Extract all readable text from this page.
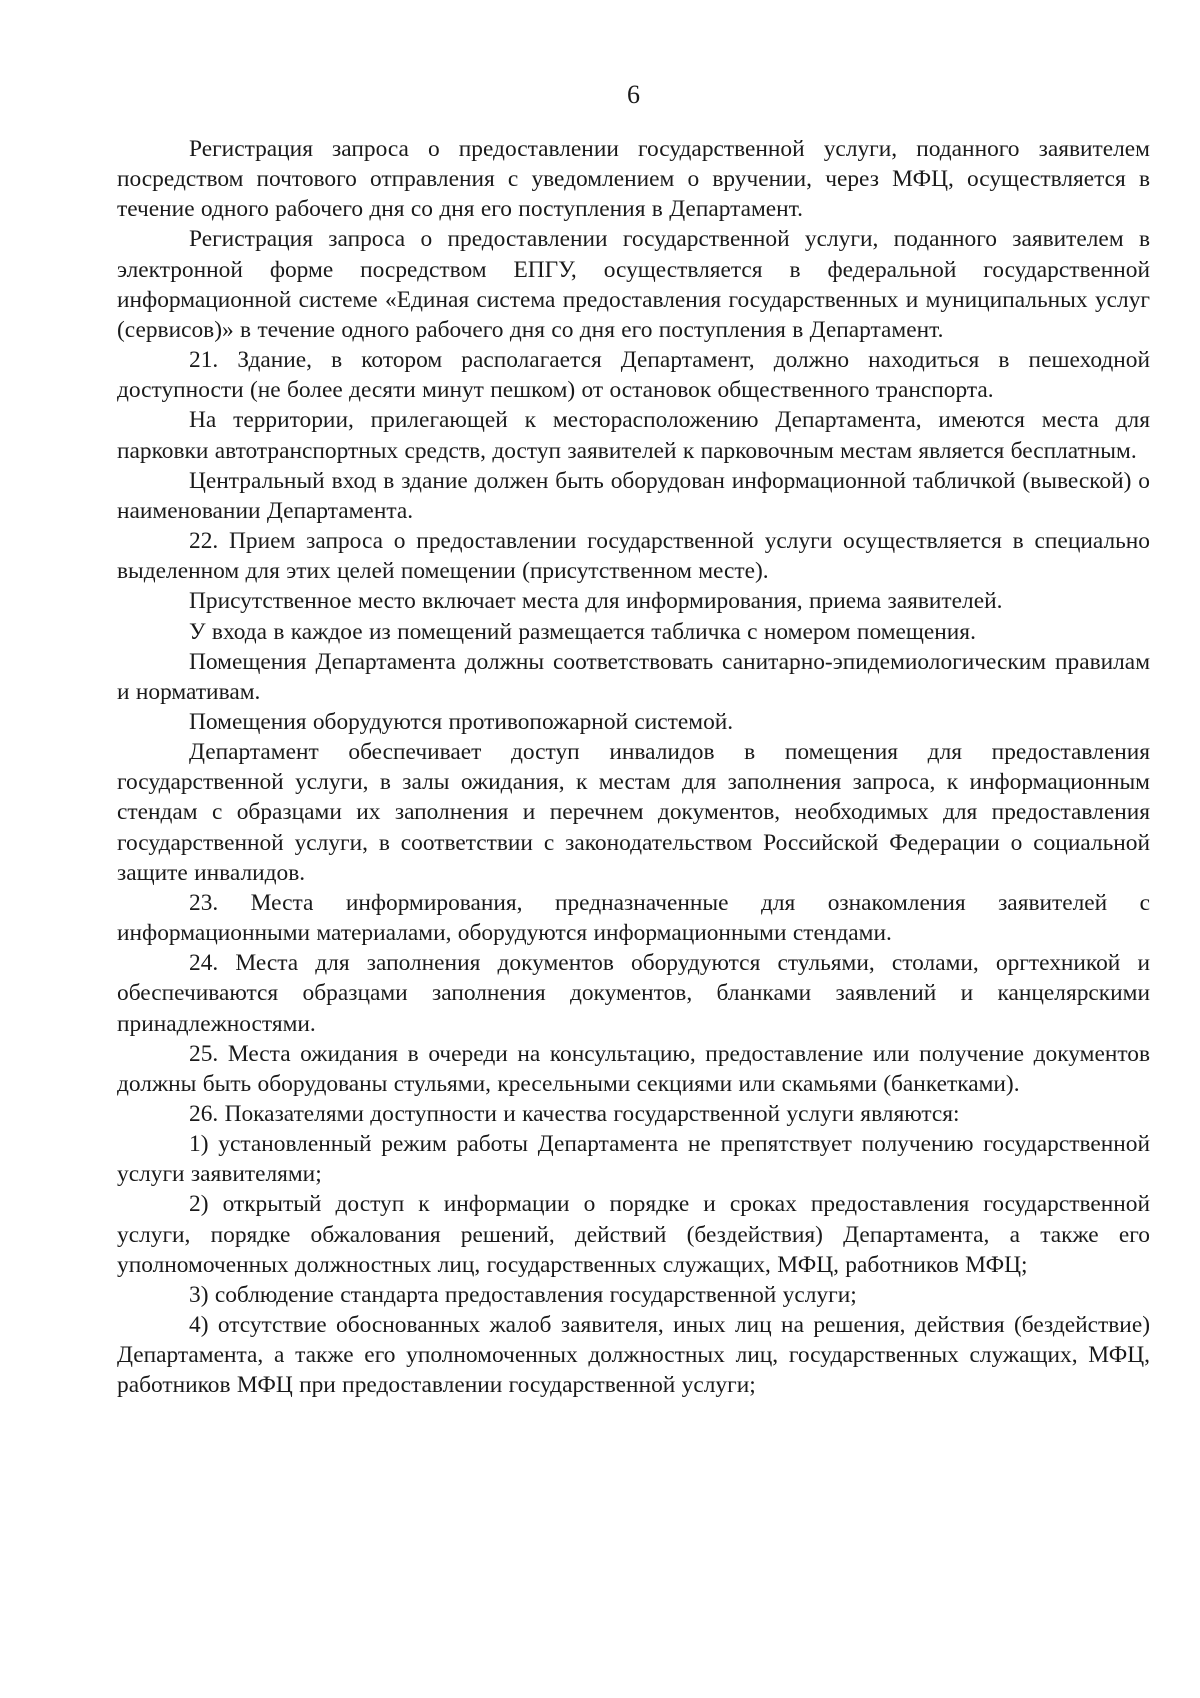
6

Регистрация запроса о предоставлении государственной услуги, поданного заявителем посредством почтового отправления с уведомлением о вручении, через МФЦ, осуществляется в течение одного рабочего дня со дня его поступления в Департамент.

Регистрация запроса о предоставлении государственной услуги, поданного заявителем в электронной форме посредством ЕПГУ, осуществляется в федеральной государственной информационной системе «Единая система предоставления государственных и муниципальных услуг (сервисов)» в течение одного рабочего дня со дня его поступления в Департамент.

21. Здание, в котором располагается Департамент, должно находиться в пешеходной доступности (не более десяти минут пешком) от остановок общественного транспорта.

На территории, прилегающей к месторасположению Департамента, имеются места для парковки автотранспортных средств, доступ заявителей к парковочным местам является бесплатным.

Центральный вход в здание должен быть оборудован информационной табличкой (вывеской) о наименовании Департамента.

22. Прием запроса о предоставлении государственной услуги осуществляется в специально выделенном для этих целей помещении (присутственном месте).

Присутственное место включает места для информирования, приема заявителей.

У входа в каждое из помещений размещается табличка с номером помещения.

Помещения Департамента должны соответствовать санитарно-эпидемиологическим правилам и нормативам.

Помещения оборудуются противопожарной системой.

Департамент обеспечивает доступ инвалидов в помещения для предоставления государственной услуги, в залы ожидания, к местам для заполнения запроса, к информационным стендам с образцами их заполнения и перечнем документов, необходимых для предоставления государственной услуги, в соответствии с законодательством Российской Федерации о социальной защите инвалидов.

23. Места информирования, предназначенные для ознакомления заявителей с информационными материалами, оборудуются информационными стендами.

24. Места для заполнения документов оборудуются стульями, столами, оргтехникой и обеспечиваются образцами заполнения документов, бланками заявлений и канцелярскими принадлежностями.

25. Места ожидания в очереди на консультацию, предоставление или получение документов должны быть оборудованы стульями, кресельными секциями или скамьями (банкетками).

26. Показателями доступности и качества государственной услуги являются:

1) установленный режим работы Департамента не препятствует получению государственной услуги заявителями;

2) открытый доступ к информации о порядке и сроках предоставления государственной услуги, порядке обжалования решений, действий (бездействия) Департамента, а также его уполномоченных должностных лиц, государственных служащих, МФЦ, работников МФЦ;

3) соблюдение стандарта предоставления государственной услуги;

4) отсутствие обоснованных жалоб заявителя, иных лиц на решения, действия (бездействие) Департамента, а также его уполномоченных должностных лиц, государственных служащих, МФЦ, работников МФЦ при предоставлении государственной услуги;
